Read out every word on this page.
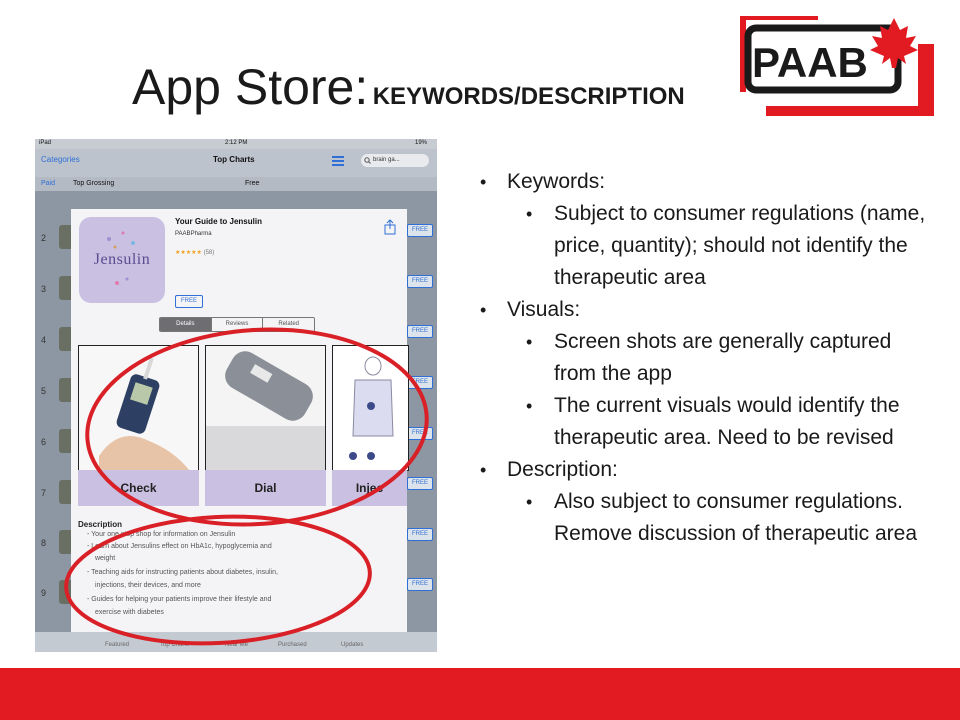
App Store: KEYWORDS/DESCRIPTION
PAAB
iPad	2:12 PM	19%
Categories	Top Charts	brain ga...
Paid	Top Grossing	Free
2
3
4
5
6
7
8
9
FREE
FREE
FREE
FREE
FREE
FREE
FREE
FREE
Jensulin
Your Guide to Jensulin
PAABPharma
★★★★★ (58)
FREE
Details	Reviews	Related
Check	Dial	Injec
Description
- Your one stop shop for information on Jensulin
- Learn about Jensulins effect on HbA1c, hypoglycemia and
weight
- Teaching aids for instructing patients about diabetes, insulin,
injections, their devices, and more
- Guides for helping your patients improve their lifestyle and
exercise with diabetes
Featured	Top Charts	Near Me	Purchased	Updates
• Keywords:
• Subject to consumer regulations (name, price, quantity); should not identify the therapeutic area
• Visuals:
• Screen shots are generally captured from the app
• The current visuals would identify the therapeutic area. Need to be revised
• Description:
• Also subject to consumer regulations. Remove discussion of therapeutic area
